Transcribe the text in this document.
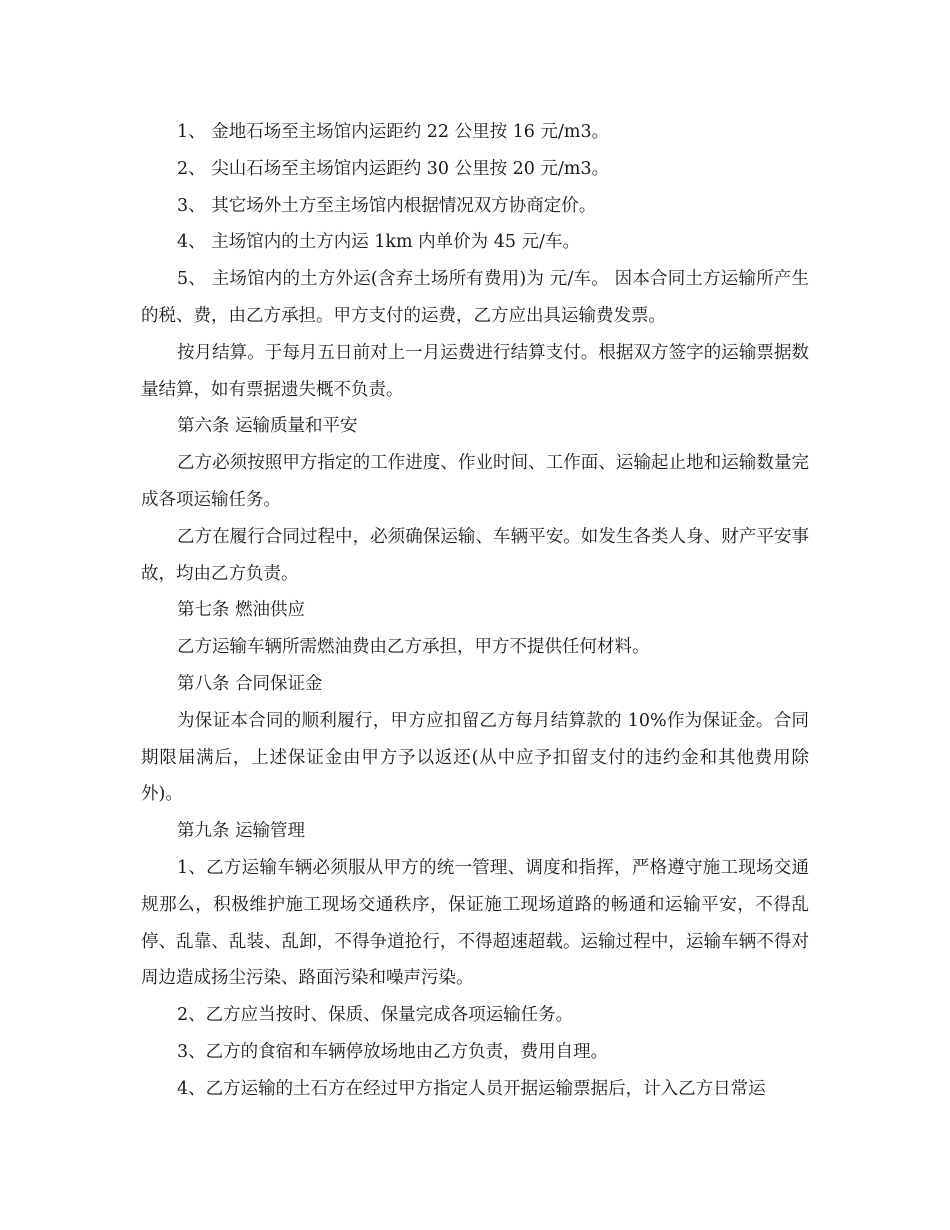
1、 金地石场至主场馆内运距约 22 公里按 16 元/m3。

2、 尖山石场至主场馆内运距约 30 公里按 20 元/m3。

3、 其它场外土方至主场馆内根据情况双方协商定价。

4、 主场馆内的土方内运 1km 内单价为 45 元/车。

5、 主场馆内的土方外运(含弃土场所有费用)为 元/车。 因本合同土方运输所产生的税、费，由乙方承担。甲方支付的运费，乙方应出具运输费发票。

按月结算。于每月五日前对上一月运费进行结算支付。根据双方签字的运输票据数量结算，如有票据遗失概不负责。

第六条 运输质量和平安

乙方必须按照甲方指定的工作进度、作业时间、工作面、运输起止地和运输数量完成各项运输任务。

乙方在履行合同过程中，必须确保运输、车辆平安。如发生各类人身、财产平安事故，均由乙方负责。

第七条 燃油供应

乙方运输车辆所需燃油费由乙方承担，甲方不提供任何材料。

第八条 合同保证金

为保证本合同的顺利履行，甲方应扣留乙方每月结算款的 10%作为保证金。合同期限届满后，上述保证金由甲方予以返还(从中应予扣留支付的违约金和其他费用除外)。

第九条 运输管理

1、乙方运输车辆必须服从甲方的统一管理、调度和指挥，严格遵守施工现场交通规那么，积极维护施工现场交通秩序，保证施工现场道路的畅通和运输平安，不得乱停、乱靠、乱装、乱卸，不得争道抢行，不得超速超载。运输过程中，运输车辆不得对周边造成扬尘污染、路面污染和噪声污染。

2、乙方应当按时、保质、保量完成各项运输任务。

3、乙方的食宿和车辆停放场地由乙方负责，费用自理。

4、乙方运输的土石方在经过甲方指定人员开据运输票据后，计入乙方日常运
